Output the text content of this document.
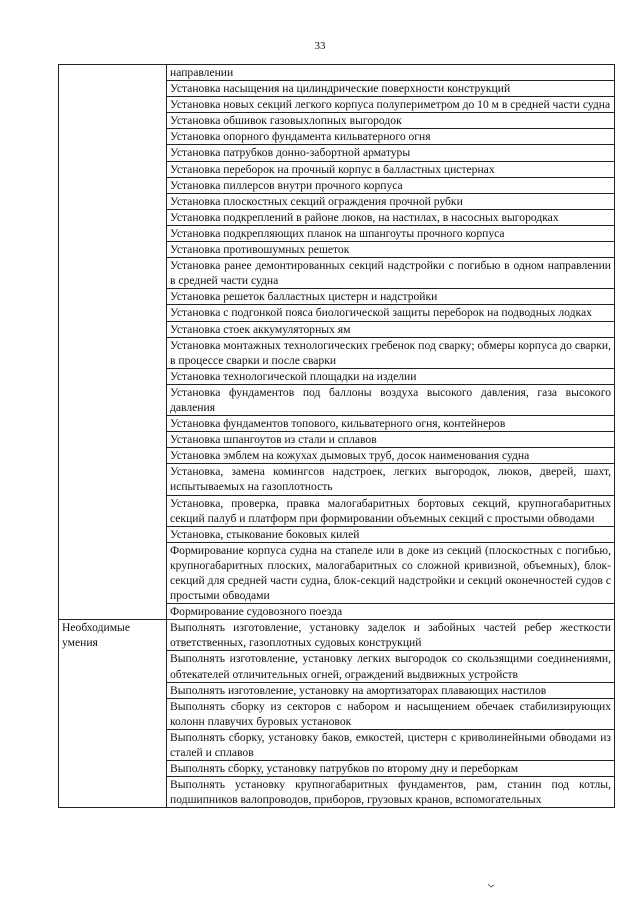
33
	направлении
	Установка насыщения на цилиндрические поверхности конструкций
	Установка новых секций легкого корпуса полупериметром до 10 м в средней части судна
	Установка обшивок газовыхлопных выгородок
	Установка опорного фундамента кильватерного огня
	Установка патрубков донно-забортной арматуры
	Установка переборок на прочный корпус в балластных цистернах
	Установка пиллерсов внутри прочного корпуса
	Установка плоскостных секций ограждения прочной рубки
	Установка подкреплений в районе люков, на настилах, в насосных выгородках
	Установка подкрепляющих планок на шпангоуты прочного корпуса
	Установка противошумных решеток
	Установка ранее демонтированных секций надстройки с погибью в одном направлении в средней части судна
	Установка решеток балластных цистерн и надстройки
	Установка с подгонкой пояса биологической защиты переборок на подводных лодках
	Установка стоек аккумуляторных ям
	Установка монтажных технологических гребенок под сварку; обмеры корпуса до сварки, в процессе сварки и после сварки
	Установка технологической площадки на изделии
	Установка фундаментов под баллоны воздуха высокого давления, газа высокого давления
	Установка фундаментов топового, кильватерного огня, контейнеров
	Установка шпангоутов из стали и сплавов
	Установка эмблем на кожухах дымовых труб, досок наименования судна
	Установка, замена комингсов надстроек, легких выгородок, люков, дверей, шахт, испытываемых на газоплотность
	Установка, проверка, правка малогабаритных бортовых секций, крупногабаритных секций палуб и платформ при формировании объемных секций с простыми обводами
	Установка, стыкование боковых килей
	Формирование корпуса судна на стапеле или в доке из секций (плоскостных с погибью, крупногабаритных плоских, малогабаритных со сложной кривизной, объемных), блок-секций для средней части судна, блок-секций надстройки и секций оконечностей судов с простыми обводами
	Формирование судовозного поезда
Необходимые умения	Выполнять изготовление, установку заделок и забойных частей ребер жесткости ответственных, газоплотных судовых конструкций
	Выполнять изготовление, установку легких выгородок со скользящими соединениями, обтекателей отличительных огней, ограждений выдвижных устройств
	Выполнять изготовление, установку на амортизаторах плавающих настилов
	Выполнять сборку из секторов с набором и насыщением обечаек стабилизирующих колонн плавучих буровых установок
	Выполнять сборку, установку баков, емкостей, цистерн с криволинейными обводами из сталей и сплавов
	Выполнять сборку, установку патрубков по второму дну и переборкам
	Выполнять установку крупногабаритных фундаментов, рам, станин под котлы, подшипников валопроводов, приборов, грузовых кранов, вспомогательных
